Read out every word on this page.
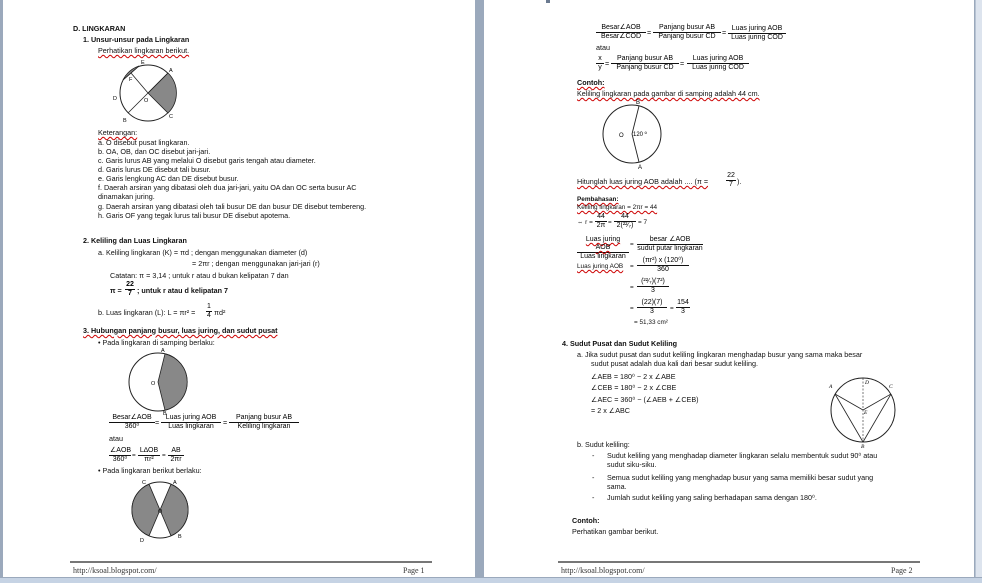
D. LINGKARAN
1. Unsur-unsur pada Lingkaran
Perhatikan lingkaran berikut.
E
A
F
D	O
B
C
Keterangan:
a. O disebut pusat lingkaran.
b. OA, OB, dan OC disebut jari-jari.
c. Garis lurus AB yang melalui O disebut garis tengah atau diameter.
d. Garis lurus DE disebut tali busur.
e. Garis lengkung AC dan DE disebut busur.
f. Daerah arsiran yang dibatasi oleh dua jari-jari, yaitu OA dan OC serta busur AC
dinamakan juring.
g. Daerah arsiran yang dibatasi oleh tali busur DE dan busur DE disebut tembereng.
h. Garis OF yang tegak lurus tali busur DE disebut apotema.
2. Keliling dan Luas Lingkaran
a. Keliling lingkaran (K) = πd ; dengan menggunakan diameter (d)
= 2πr ; dengan menggunakan jari-jari (r)
Catatan: π = 3,14 ; untuk r atau d bukan kelipatan 7 dan
$\pi = \frac{22}{7}$ ; untuk r atau d kelipatan 7
b. Luas lingkaran (L): $L = \pi r^2 = \frac{1}{4} \pi d^2$
3. Hubungan panjang busur, luas juring, dan sudut pusat
• Pada lingkaran di samping berlaku:
A
O
B
Besar∠AOB
360⁰	=
Luas juring AOB
Luas lingkaran	=
Panjang busur AB
Keliling lingkaran
atau
∠AOB
360⁰
= $\frac{L\Delta OB}{\text{πr²}} = \frac{AB}{2\pi r}$
• Pada lingkaran berikut berlaku:
C	A
O
D
B
http://ksoal.blogspot.com/	Page 1
Besar∠AOB
Besar∠COD =
Panjang busur AB
Panjang busur CD = Luas juring AOB
Luas juring COD
atau
$\frac{x}{y}$ =
Panjang busur AB
Panjang busur CD =
Luas juring AOB
Luas juring COD
Contoh:
Keliling lingkaran pada gambar di samping adalah 44 cm.
B
O 120 º
A
Hitunglah luas juring AOB adalah .... (π =	$\frac{22}{7}$ ).
Pembahasan:
Keliling lingkaran = 2πr = 44
⇔ $r = \frac{44}{2\pi} = \frac{44}{\text{2(²²⁄₇)}} = 7$
Luas juring AOB
Luas lingkaran
=
besar ∠AOB
sudut putar lingkaran
Luas juring AOB = $\frac{\text{(πr²) x (120⁰)}}{360}$
= $\frac{\text{(²²⁄₇)(7²)}}{3}$
= $\frac{(22)(7)}{3} = \frac{154}{3}$
= 51,33 cm²
4. Sudut Pusat dan Sudut Keliling
a. Jika sudut pusat dan sudut keliling lingkaran menghadap busur yang sama maka besar
sudut pusat adalah dua kali dari besar sudut keliling.
∠AEB = 180⁰ − 2 x ∠ABE
∠CEB = 180⁰ − 2 x ∠CBE
∠AEC = 360⁰ − (∠AEB + ∠CEB)
= 2 x ∠ABC
A	C
D
E
B
b. Sudut keliling:
- Sudut keliling yang menghadap diameter lingkaran selalu membentuk sudut 90⁰ atau
sudut siku-siku.
- Semua sudut keliling yang menghadap busur yang sama memiliki besar sudut yang
sama.
- Jumlah sudut keliling yang saling berhadapan sama dengan 180⁰.
Contoh:
Perhatikan gambar berikut.
http://ksoal.blogspot.com/	Page 2
